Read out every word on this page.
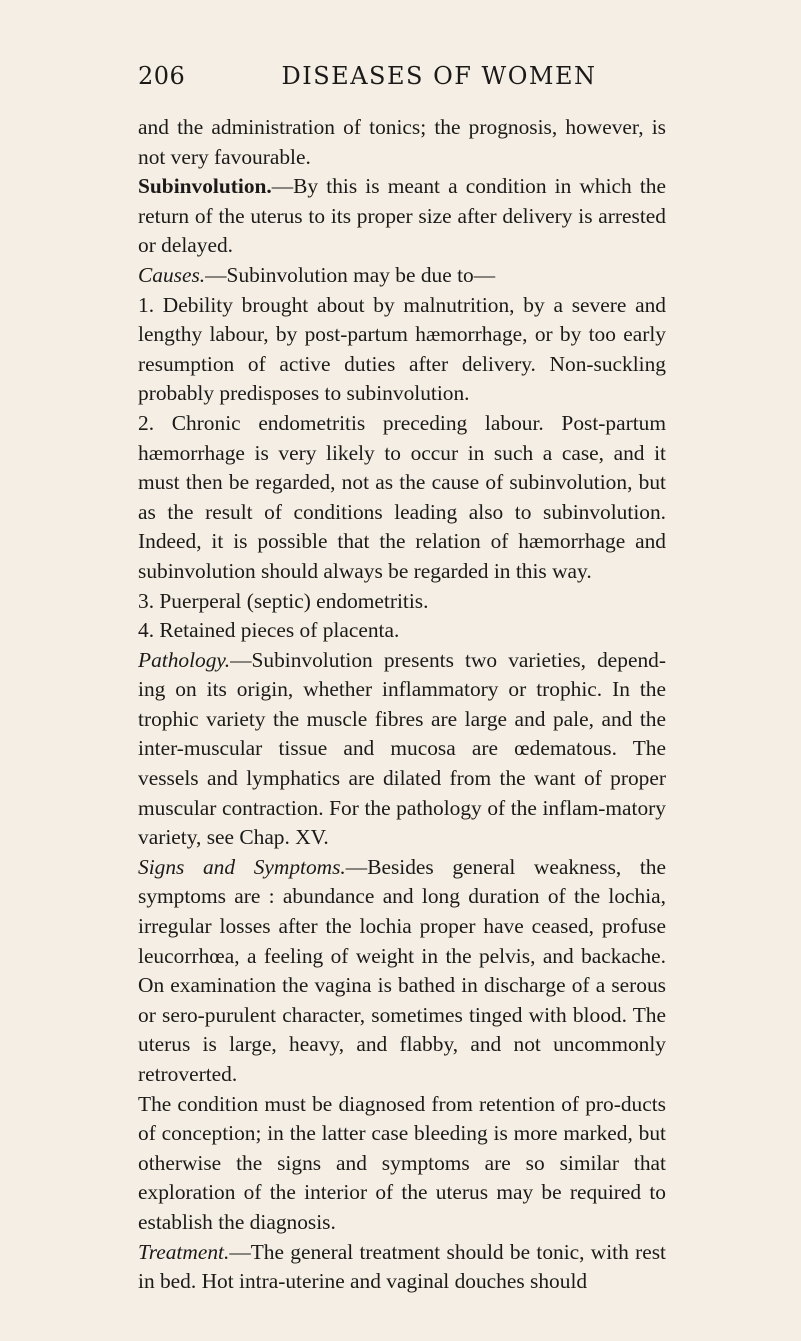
206	DISEASES OF WOMEN

and the administration of tonics; the prognosis, however, is not very favourable.

Subinvolution.—By this is meant a condition in which the return of the uterus to its proper size after delivery is arrested or delayed.

Causes.—Subinvolution may be due to—

1. Debility brought about by malnutrition, by a severe and lengthy labour, by post-partum hæmorrhage, or by too early resumption of active duties after delivery. Non-suckling probably predisposes to subinvolution.

2. Chronic endometritis preceding labour. Post-partum hæmorrhage is very likely to occur in such a case, and it must then be regarded, not as the cause of subinvolution, but as the result of conditions leading also to subinvolution. Indeed, it is possible that the relation of hæmorrhage and subinvolution should always be regarded in this way.

3. Puerperal (septic) endometritis.

4. Retained pieces of placenta.

Pathology.—Subinvolution presents two varieties, depend-ing on its origin, whether inflammatory or trophic. In the trophic variety the muscle fibres are large and pale, and the inter-muscular tissue and mucosa are œdematous. The vessels and lymphatics are dilated from the want of proper muscular contraction. For the pathology of the inflam-matory variety, see Chap. XV.

Signs and Symptoms.—Besides general weakness, the symptoms are : abundance and long duration of the lochia, irregular losses after the lochia proper have ceased, profuse leucorrhœa, a feeling of weight in the pelvis, and backache. On examination the vagina is bathed in discharge of a serous or sero-purulent character, sometimes tinged with blood. The uterus is large, heavy, and flabby, and not uncommonly retroverted.

The condition must be diagnosed from retention of pro-ducts of conception; in the latter case bleeding is more marked, but otherwise the signs and symptoms are so similar that exploration of the interior of the uterus may be required to establish the diagnosis.

Treatment.—The general treatment should be tonic, with rest in bed. Hot intra-uterine and vaginal douches should
